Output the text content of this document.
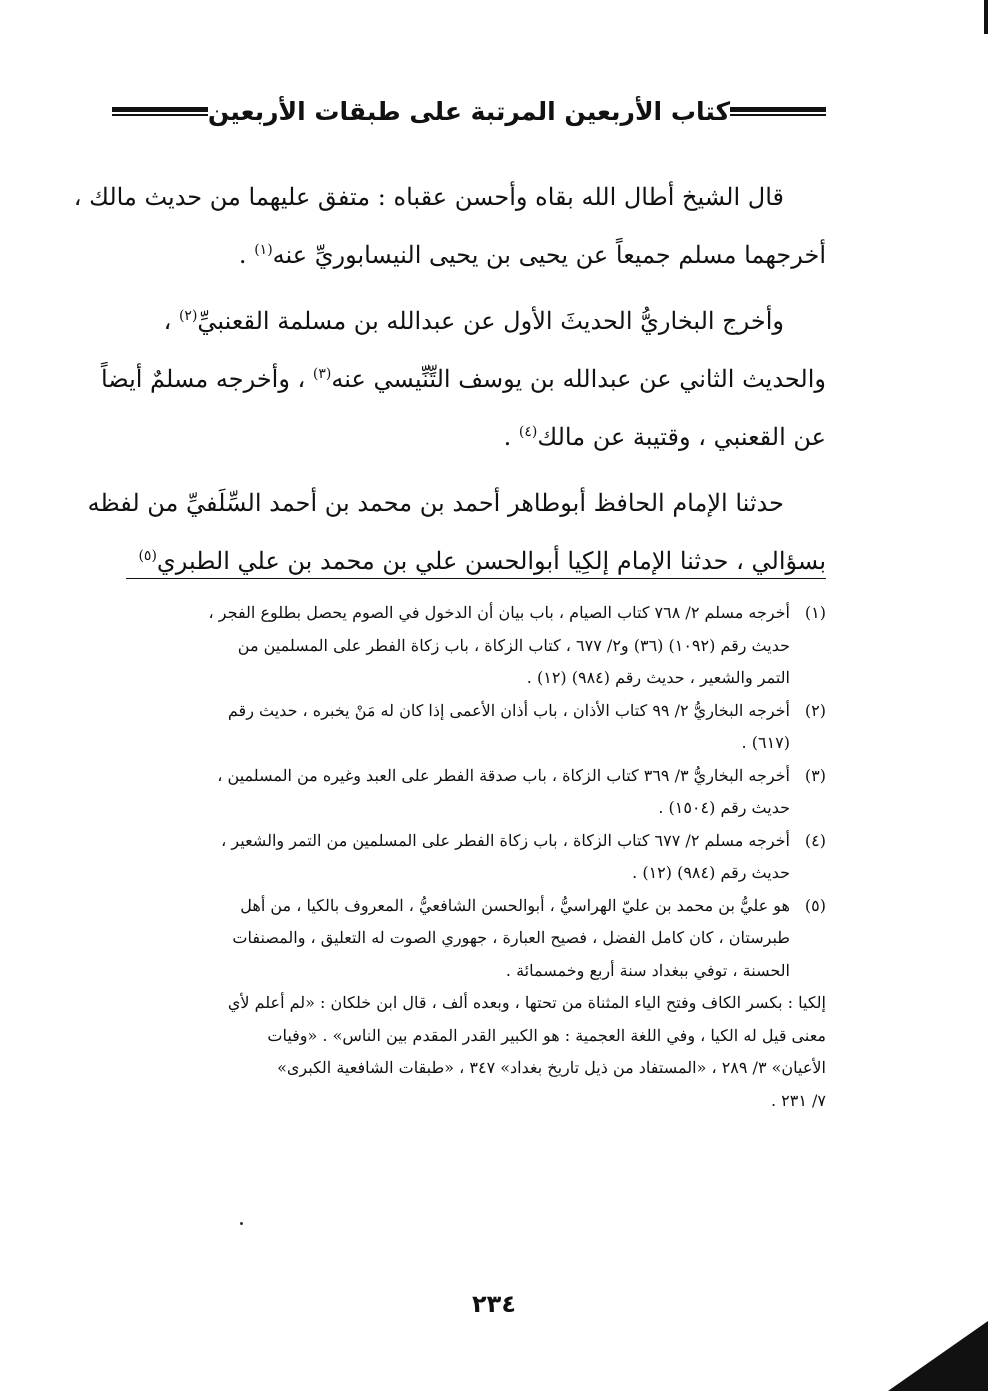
كتاب الأربعين المرتبة على طبقات الأربعين

قال الشيخ أطال الله بقاه وأحسن عقباه : متفق عليهما من حديث مالك ،
أخرجهما مسلم جميعاً عن يحيى بن يحيى النيسابوريِّ عنه$^{(١)}$ .

وأخرج البخاريُّ الحديثَ الأول عن عبدالله بن مسلمة القعنبيِّ$^{(٢)}$ ،
والحديث الثاني عن عبدالله بن يوسف التِّنِّيسي عنه$^{(٣)}$ ، وأخرجه مسلمٌ أيضاً
عن القعنبي ، وقتيبة عن مالك$^{(٤)}$ .

حدثنا الإمام الحافظ أبوطاهر أحمد بن محمد بن أحمد السِّلَفيِّ من لفظه
بسؤالي ، حدثنا الإمام إلكِيا أبوالحسن علي بن محمد بن علي الطبري$^{(٥)}$

(١)
أخرجه مسلم ٢/ ٧٦٨ كتاب الصيام ، باب بيان أن الدخول في الصوم يحصل بطلوع الفجر ،
حديث رقم (١٠٩٢) (٣٦) و٢/ ٦٧٧ ، كتاب الزكاة ، باب زكاة الفطر على المسلمين من
التمر والشعير ، حديث رقم (٩٨٤) (١٢) .
(٢)
أخرجه البخاريُّ ٢/ ٩٩ كتاب الأذان ، باب أذان الأعمى إذا كان له مَنْ يخبره ، حديث رقم
(٦١٧) .
(٣)
أخرجه البخاريُّ ٣/ ٣٦٩ كتاب الزكاة ، باب صدقة الفطر على العبد وغيره من المسلمين ،
حديث رقم (١٥٠٤) .
(٤)
أخرجه مسلم ٢/ ٦٧٧ كتاب الزكاة ، باب زكاة الفطر على المسلمين من التمر والشعير ،
حديث رقم (٩٨٤) (١٢) .
(٥)
هو عليُّ بن محمد بن عليّ الهراسيُّ ، أبوالحسن الشافعيُّ ، المعروف بالكيا ، من أهل
طبرستان ، كان كامل الفضل ، فصيح العبارة ، جهوري الصوت له التعليق ، والمصنفات
الحسنة ، توفي ببغداد سنة أربع وخمسمائة .
إلكيا : بكسر الكاف وفتح الياء المثناة من تحتها ، وبعده ألف ، قال ابن خلكان : «لم أعلم لأي
معنى قيل له الكيا ، وفي اللغة العجمية : هو الكبير القدر المقدم بين الناس» . «وفيات
الأعيان» ٣/ ٢٨٩ ، «المستفاد من ذيل تاريخ بغداد» ٣٤٧ ، «طبقات الشافعية الكبرى»
٧/ ٢٣١ .
٢٣٤
